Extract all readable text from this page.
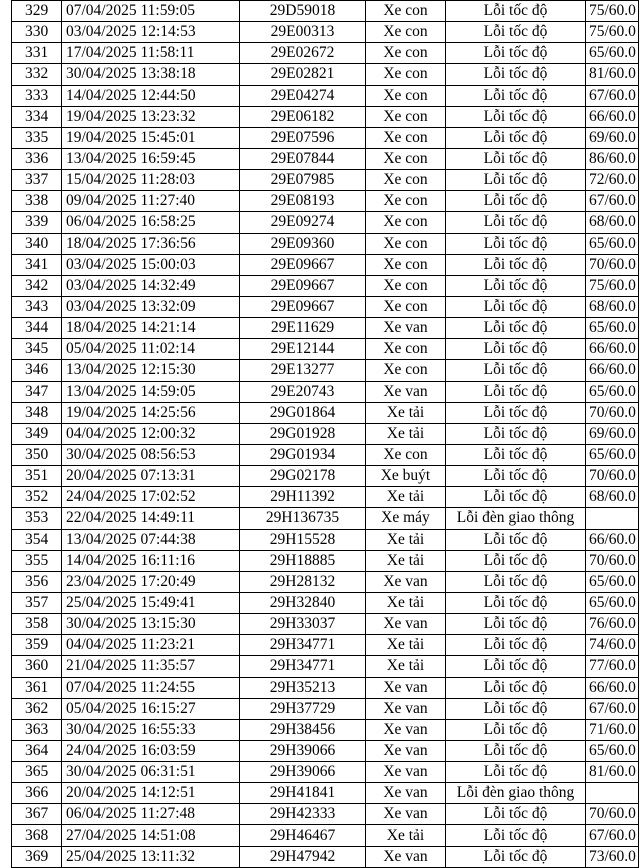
329	07/04/2025 11:59:05	29D59018	Xe con	Lỗi tốc độ	75/60.0
330	03/04/2025 12:14:53	29E00313	Xe con	Lỗi tốc độ	75/60.0
331	17/04/2025 11:58:11	29E02672	Xe con	Lỗi tốc độ	65/60.0
332	30/04/2025 13:38:18	29E02821	Xe con	Lỗi tốc độ	81/60.0
333	14/04/2025 12:44:50	29E04274	Xe con	Lỗi tốc độ	67/60.0
334	19/04/2025 13:23:32	29E06182	Xe con	Lỗi tốc độ	66/60.0
335	19/04/2025 15:45:01	29E07596	Xe con	Lỗi tốc độ	69/60.0
336	13/04/2025 16:59:45	29E07844	Xe con	Lỗi tốc độ	86/60.0
337	15/04/2025 11:28:03	29E07985	Xe con	Lỗi tốc độ	72/60.0
338	09/04/2025 11:27:40	29E08193	Xe con	Lỗi tốc độ	67/60.0
339	06/04/2025 16:58:25	29E09274	Xe con	Lỗi tốc độ	68/60.0
340	18/04/2025 17:36:56	29E09360	Xe con	Lỗi tốc độ	65/60.0
341	03/04/2025 15:00:03	29E09667	Xe con	Lỗi tốc độ	70/60.0
342	03/04/2025 14:32:49	29E09667	Xe con	Lỗi tốc độ	75/60.0
343	03/04/2025 13:32:09	29E09667	Xe con	Lỗi tốc độ	68/60.0
344	18/04/2025 14:21:14	29E11629	Xe van	Lỗi tốc độ	65/60.0
345	05/04/2025 11:02:14	29E12144	Xe con	Lỗi tốc độ	66/60.0
346	13/04/2025 12:15:30	29E13277	Xe con	Lỗi tốc độ	66/60.0
347	13/04/2025 14:59:05	29E20743	Xe van	Lỗi tốc độ	65/60.0
348	19/04/2025 14:25:56	29G01864	Xe tải	Lỗi tốc độ	70/60.0
349	04/04/2025 12:00:32	29G01928	Xe tải	Lỗi tốc độ	69/60.0
350	30/04/2025 08:56:53	29G01934	Xe con	Lỗi tốc độ	65/60.0
351	20/04/2025 07:13:31	29G02178	Xe buýt	Lỗi tốc độ	70/60.0
352	24/04/2025 17:02:52	29H11392	Xe tải	Lỗi tốc độ	68/60.0
353	22/04/2025 14:49:11	29H136735	Xe máy	Lỗi đèn giao thông	
354	13/04/2025 07:44:38	29H15528	Xe tải	Lỗi tốc độ	66/60.0
355	14/04/2025 16:11:16	29H18885	Xe tải	Lỗi tốc độ	70/60.0
356	23/04/2025 17:20:49	29H28132	Xe van	Lỗi tốc độ	65/60.0
357	25/04/2025 15:49:41	29H32840	Xe tải	Lỗi tốc độ	65/60.0
358	30/04/2025 13:15:30	29H33037	Xe van	Lỗi tốc độ	76/60.0
359	04/04/2025 11:23:21	29H34771	Xe tải	Lỗi tốc độ	74/60.0
360	21/04/2025 11:35:57	29H34771	Xe tải	Lỗi tốc độ	77/60.0
361	07/04/2025 11:24:55	29H35213	Xe van	Lỗi tốc độ	66/60.0
362	05/04/2025 16:15:27	29H37729	Xe van	Lỗi tốc độ	67/60.0
363	30/04/2025 16:55:33	29H38456	Xe van	Lỗi tốc độ	71/60.0
364	24/04/2025 16:03:59	29H39066	Xe van	Lỗi tốc độ	65/60.0
365	30/04/2025 06:31:51	29H39066	Xe van	Lỗi tốc độ	81/60.0
366	20/04/2025 14:12:51	29H41841	Xe van	Lỗi đèn giao thông	
367	06/04/2025 11:27:48	29H42333	Xe van	Lỗi tốc độ	70/60.0
368	27/04/2025 14:51:08	29H46467	Xe tải	Lỗi tốc độ	67/60.0
369	25/04/2025 13:11:32	29H47942	Xe van	Lỗi tốc độ	73/60.0
